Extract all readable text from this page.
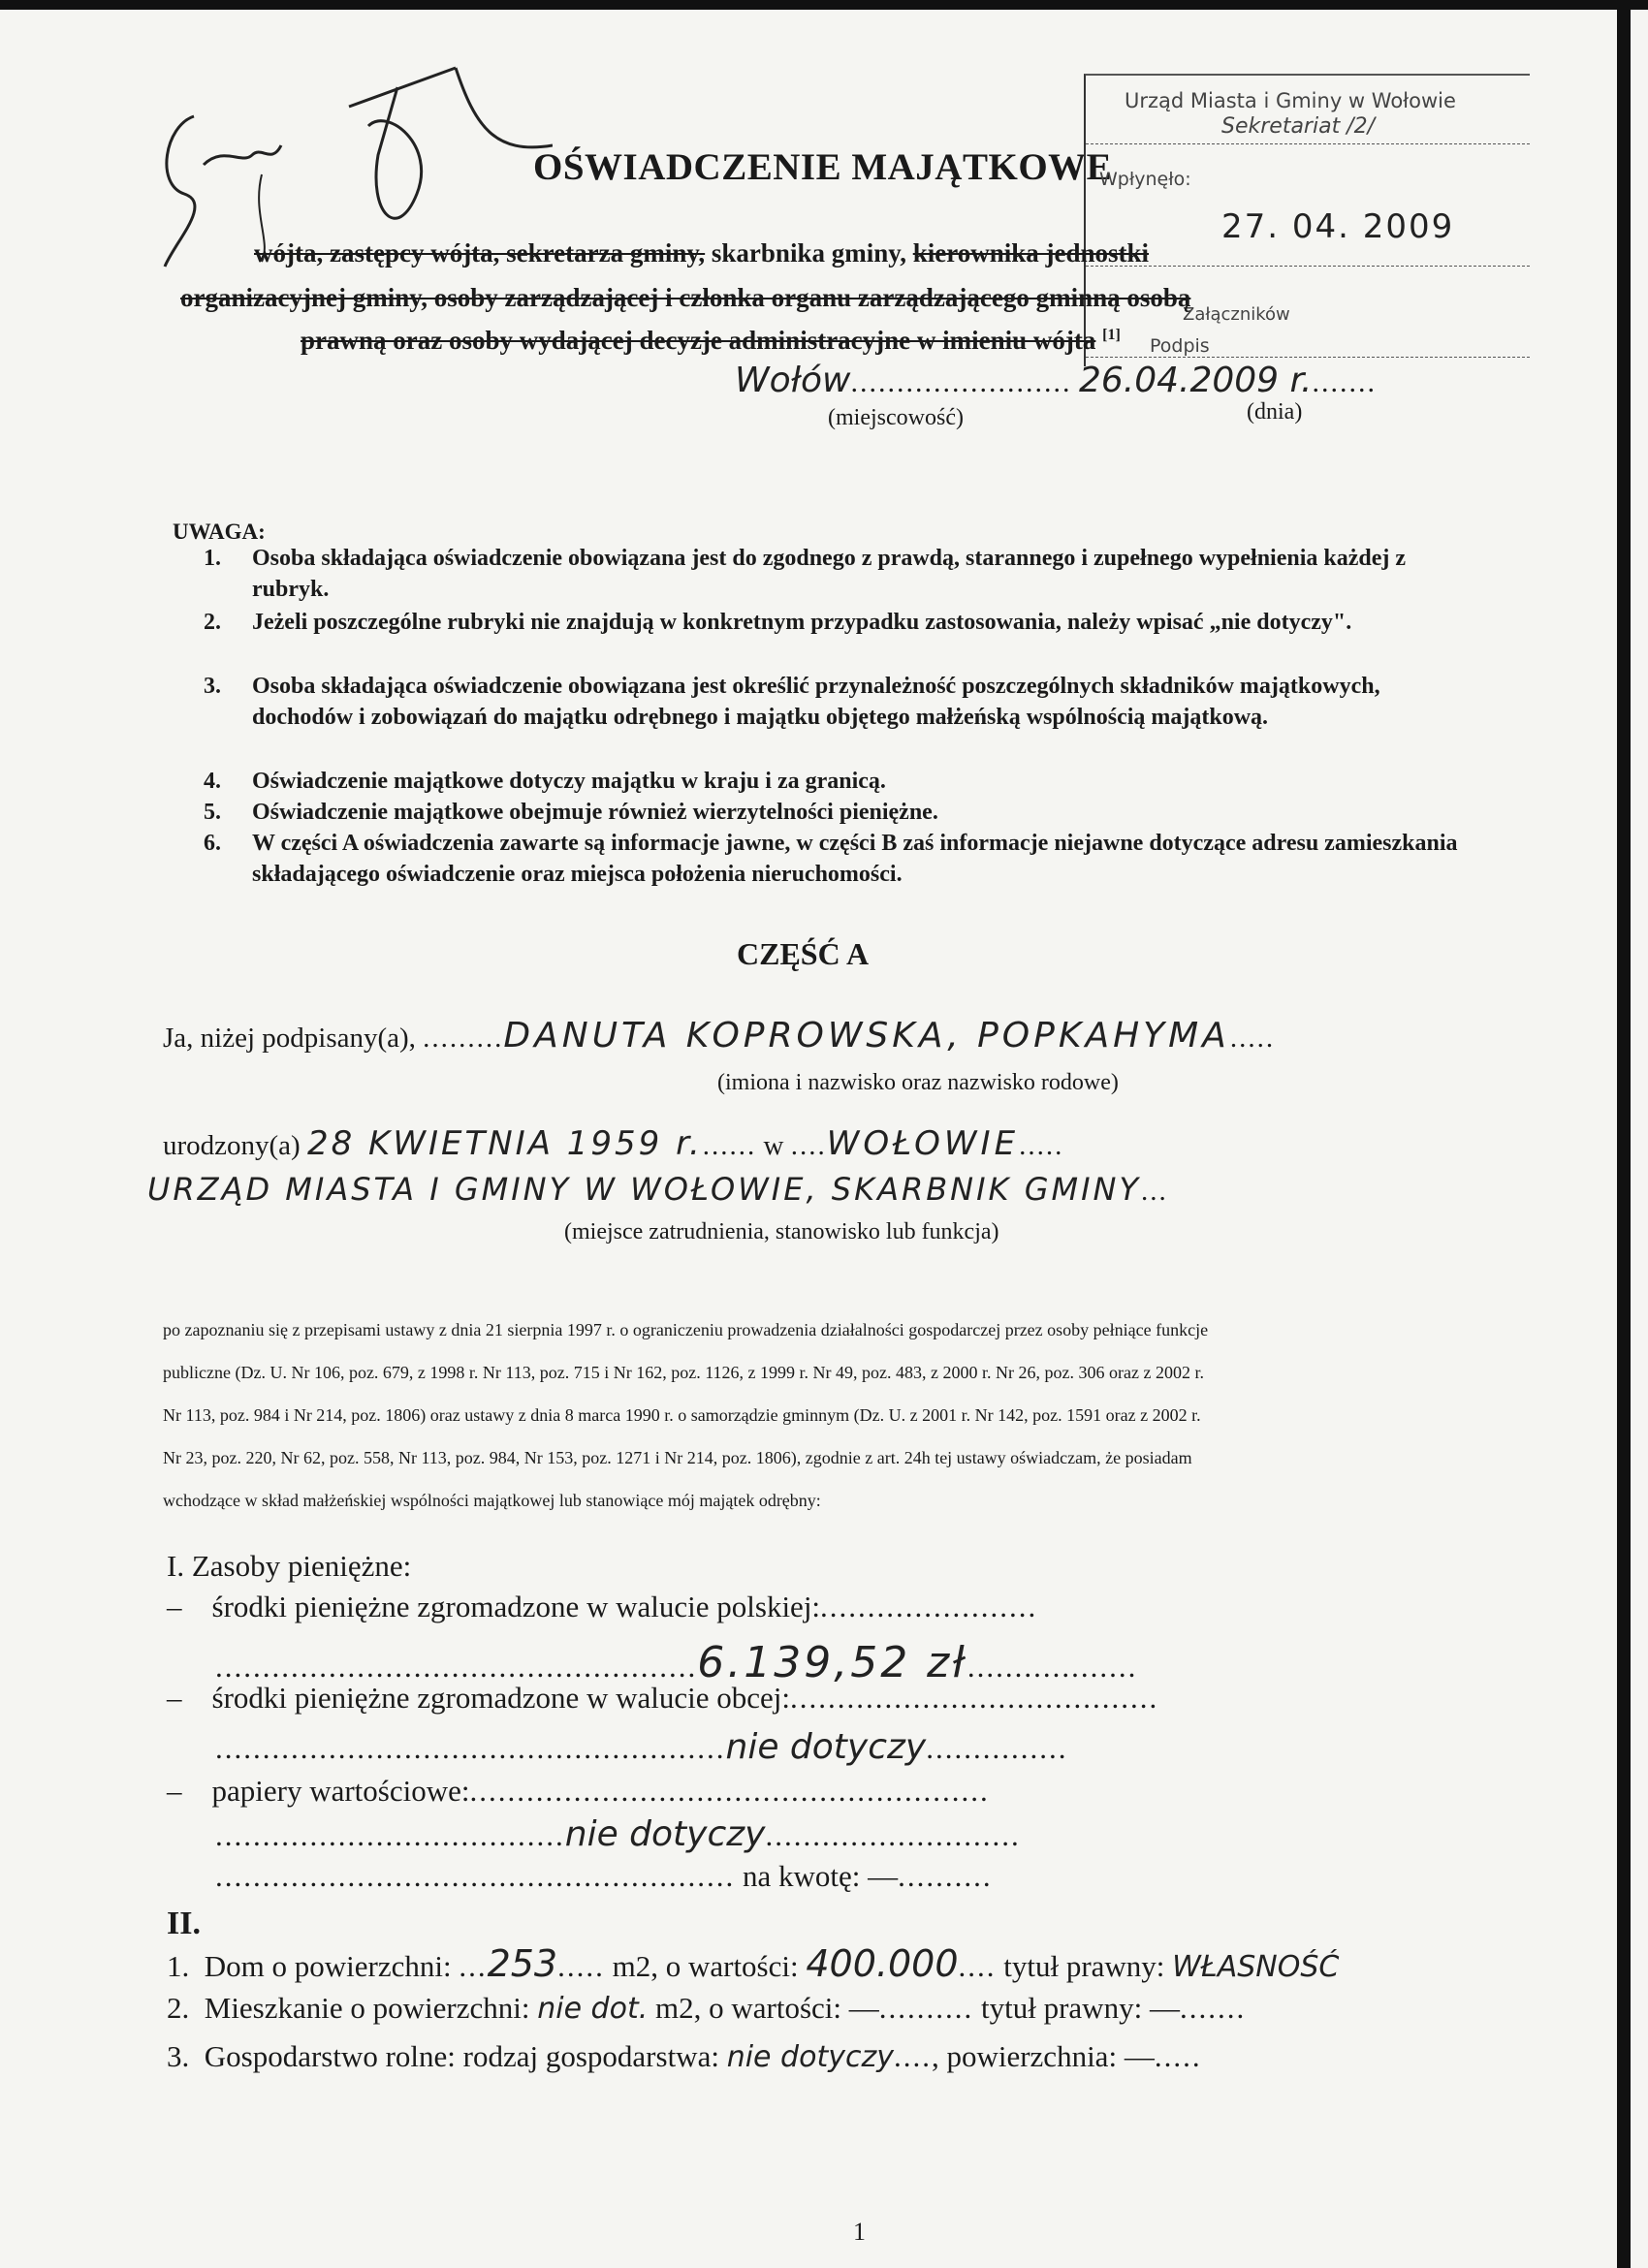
OŚWIADCZENIE MAJĄTKOWE
Urząd Miasta i Gminy w Wołowie
Sekretariat /2/
Wpłynęło:
27. 04. 2009
Załączników
Podpis
wójta, zastępcy wójta, sekretarza gminy, skarbnika gminy, kierownika jednostki
organizacyjnej gminy, osoby zarządzającej i członka organu zarządzającego gminną osobą
prawną oraz osoby wydającej decyzje administracyjne w imieniu wójta [1]
Wołów........................ 26.04.2009 r........
(miejscowość)	(dnia)
UWAGA:
1. Osoba składająca oświadczenie obowiązana jest do zgodnego z prawdą, starannego i zupełnego wypełnienia każdej z rubryk.
2. Jeżeli poszczególne rubryki nie znajdują w konkretnym przypadku zastosowania, należy wpisać „nie dotyczy".
3. Osoba składająca oświadczenie obowiązana jest określić przynależność poszczególnych składników majątkowych, dochodów i zobowiązań do majątku odrębnego i majątku objętego małżeńską wspólnością majątkową.
4. Oświadczenie majątkowe dotyczy majątku w kraju i za granicą.
5. Oświadczenie majątkowe obejmuje również wierzytelności pieniężne.
6. W części A oświadczenia zawarte są informacje jawne, w części B zaś informacje niejawne dotyczące adresu zamieszkania składającego oświadczenie oraz miejsca położenia nieruchomości.
CZĘŚĆ A
Ja, niżej podpisany(a), .........DANUTA KOPROWSKA, POPKAHYMA.....
(imiona i nazwisko oraz nazwisko rodowe)
urodzony(a) 28 KWIETNIA 1959 r....... w ....WOŁOWIE.....
URZĄD MIASTA I GMINY W WOŁOWIE, SKARBNIK GMINY...
(miejsce zatrudnienia, stanowisko lub funkcja)
po zapoznaniu się z przepisami ustawy z dnia 21 sierpnia 1997 r. o ograniczeniu prowadzenia działalności gospodarczej przez osoby pełniące funkcje
publiczne (Dz. U. Nr 106, poz. 679, z 1998 r. Nr 113, poz. 715 i Nr 162, poz. 1126, z 1999 r. Nr 49, poz. 483, z 2000 r. Nr 26, poz. 306 oraz z 2002 r.
Nr 113, poz. 984 i Nr 214, poz. 1806) oraz ustawy z dnia 8 marca 1990 r. o samorządzie gminnym (Dz. U. z 2001 r. Nr 142, poz. 1591 oraz z 2002 r.
Nr 23, poz. 220, Nr 62, poz. 558, Nr 113, poz. 984, Nr 153, poz. 1271 i Nr 214, poz. 1806), zgodnie z art. 24h tej ustawy oświadczam, że posiadam
wchodzące w skład małżeńskiej wspólności majątkowej lub stanowiące mój majątek odrębny:
I. Zasoby pieniężne:
– środki pieniężne zgromadzone w walucie polskiej:.......................
...................................................6.139,52 zł..................
– środki pieniężne zgromadzone w walucie obcej:.......................................
......................................................nie dotyczy...............
– papiery wartościowe:.......................................................
.....................................nie dotyczy...........................
....................................................... na kwotę: —..........
II.
1. Dom o powierzchni: ...253..... m2, o wartości: 400.000.... tytuł prawny: WŁASNOŚĆ
2. Mieszkanie o powierzchni: nie dot. m2, o wartości: —.......... tytuł prawny: —.......
3. Gospodarstwo rolne: rodzaj gospodarstwa: nie dotyczy...., powierzchnia: —.....
1
